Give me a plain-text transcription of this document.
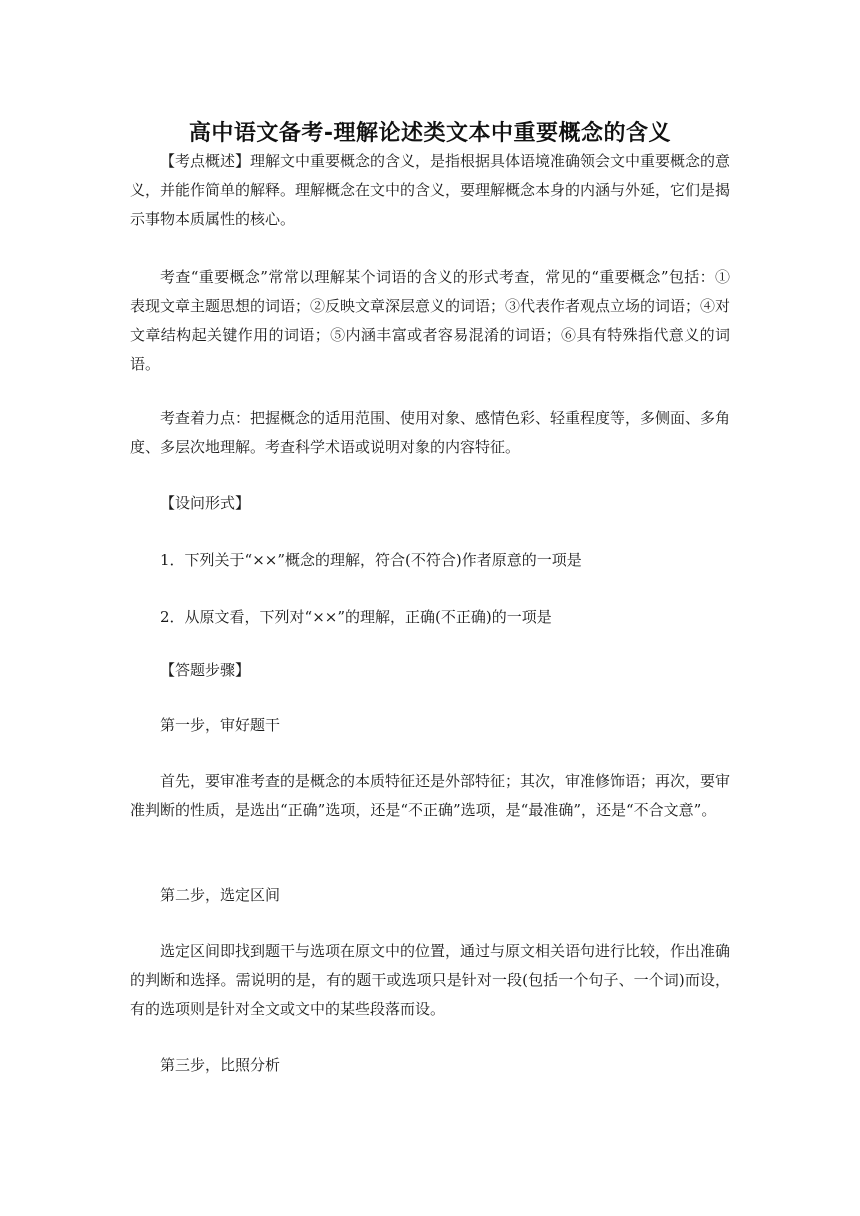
高中语文备考-理解论述类文本中重要概念的含义

【考点概述】理解文中重要概念的含义，是指根据具体语境准确领会文中重要概念的意义，并能作简单的解释。理解概念在文中的含义，要理解概念本身的内涵与外延，它们是揭示事物本质属性的核心。

考查“重要概念”常常以理解某个词语的含义的形式考查，常见的“重要概念”包括：①表现文章主题思想的词语；②反映文章深层意义的词语；③代表作者观点立场的词语；④对文章结构起关键作用的词语；⑤内涵丰富或者容易混淆的词语；⑥具有特殊指代意义的词语。

考查着力点：把握概念的适用范围、使用对象、感情色彩、轻重程度等，多侧面、多角度、多层次地理解。考查科学术语或说明对象的内容特征。

【设问形式】

1．下列关于“××”概念的理解，符合(不符合)作者原意的一项是

2．从原文看，下列对“××”的理解，正确(不正确)的一项是

【答题步骤】

第一步，审好题干

首先，要审准考查的是概念的本质特征还是外部特征；其次，审准修饰语；再次，要审准判断的性质，是选出“正确”选项，还是“不正确”选项，是“最准确”，还是“不合文意”。

第二步，选定区间

选定区间即找到题干与选项在原文中的位置，通过与原文相关语句进行比较，作出准确的判断和选择。需说明的是，有的题干或选项只是针对一段(包括一个句子、一个词)而设，有的选项则是针对全文或文中的某些段落而设。

第三步，比照分析
